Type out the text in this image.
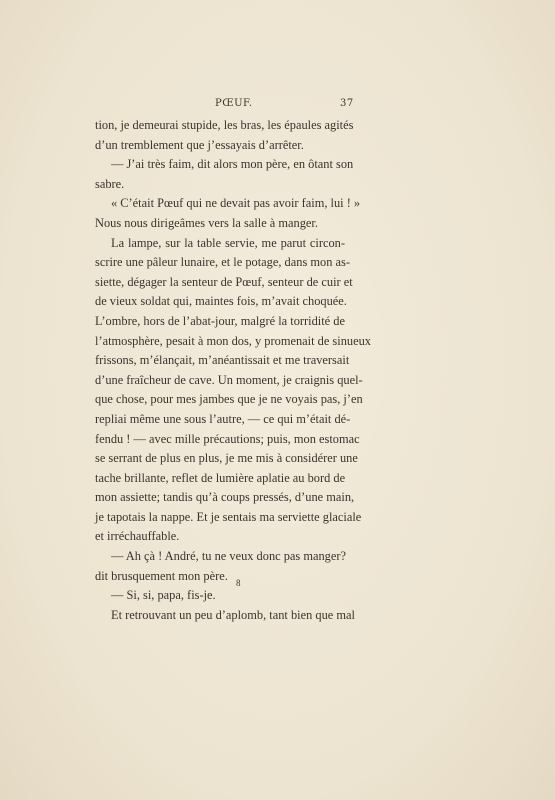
PŒUF.	37
tion, je demeurai stupide, les bras, les épaules agités
d’un tremblement que j’essayais d’arrêter.
— J’ai très faim, dit alors mon père, en ôtant son
sabre.
« C’était Pœuf qui ne devait pas avoir faim, lui ! »
Nous nous dirigeâmes vers la salle à manger.
La lampe, sur la table servie, me parut circon-
scrire une pâleur lunaire, et le potage, dans mon as-
siette, dégager la senteur de Pœuf, senteur de cuir et
de vieux soldat qui, maintes fois, m’avait choquée.
L’ombre, hors de l’abat-jour, malgré la torridité de
l’atmosphère, pesait à mon dos, y promenait de sinueux
frissons, m’élançait, m’anéantissait et me traversait
d’une fraîcheur de cave. Un moment, je craignis quel-
que chose, pour mes jambes que je ne voyais pas, j’en
repliai même une sous l’autre, — ce qui m’était dé-
fendu ! — avec mille précautions; puis, mon estomac
se serrant de plus en plus, je me mis à considérer une
tache brillante, reflet de lumière aplatie au bord de
mon assiette; tandis qu’à coups pressés, d’une main,
je tapotais la nappe. Et je sentais ma serviette glaciale
et irréchauffable.
— Ah çà ! André, tu ne veux donc pas manger?
dit brusquement mon père.
— Si, si, papa, fis-je.
Et retrouvant un peu d’aplomb, tant bien que mal
8
